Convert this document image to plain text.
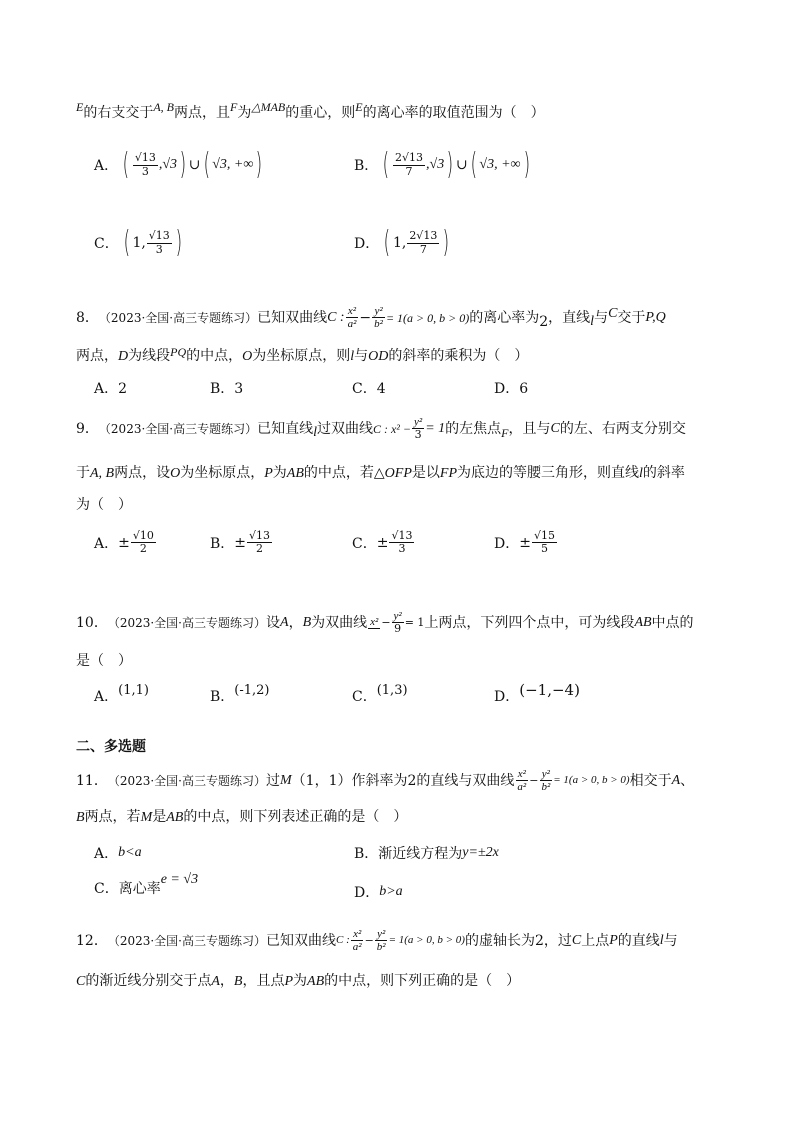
E的右支交于A, B两点，且F为△MAB的重心，则E的离心率的取值范围为（　）
A． ( $\frac{√13}{3}$ , √3 ) ∪ ( √3, +∞ )	B． ( $\frac{2√13}{7}$ , √3 ) ∪ ( √3, +∞ )
C． ( 1, $\frac{√13}{3}$ )	D． ( 1, $\frac{2√13}{7}$ )
8． （2023·全国·高三专题练习） 已知双曲线 C : $\frac{\text{x²}}{\text{a²}} - \frac{\text{y²}}{\text{b²}} = 1(a > 0$, b > 0) 的离心率为 2 ，直线 l 与 C 交于 P,Q
两点，D为线段PQ的中点，O为坐标原点，则l与OD的斜率的乘积为（　）
A．2	B．3	C．4	D．6
9． （2023·全国·高三专题练习） 已知直线 l 过双曲线 C : $x^2 - \frac{\text{y²}}{3} = 1$ 的左焦点 F ，且与 C 的左、右两支分别交
于A, B两点，设O为坐标原点，P为AB的中点，若△OFP是以FP为底边的等腰三角形，则直线l的斜率
为（　）
A． ± $\frac{√10}{2}$	B． ± $\frac{√13}{2}$	C． ± $\frac{√13}{3}$	D． ± $\frac{√15}{5}$
10． （2023·全国·高三专题练习） 设 A ， B 为双曲线 $x^2 - \frac{\text{y²}}{9} = 1$ 上两点，下列四个点中，可为线段 AB 中点的
是（　）
A． (1,1)	B． (-1,2)	C． (1,3)	D． (−1,−4)
二、多选题
11． （2023·全国·高三专题练习） 过 M （1，1）作斜率为2的直线与双曲线 $\frac{\text{x²}}{\text{a²}} - \frac{\text{y²}}{\text{b²}} = 1(a > 0$, b > 0) 相交于 A 、
B两点，若M是AB的中点，则下列表述正确的是（　）
A． b<a	B．渐近线方程为 y=±2x
C．离心率
e = √3
D． b>a
12． （2023·全国·高三专题练习） 已知双曲线 C : $\frac{\text{x²}}{\text{a²}} - \frac{\text{y²}}{\text{b²}} = 1(a > 0$, b > 0) 的虚轴长为2，过 C 上点 P 的直线 l 与
C的渐近线分别交于点A，B，且点P为AB的中点，则下列正确的是（　）
